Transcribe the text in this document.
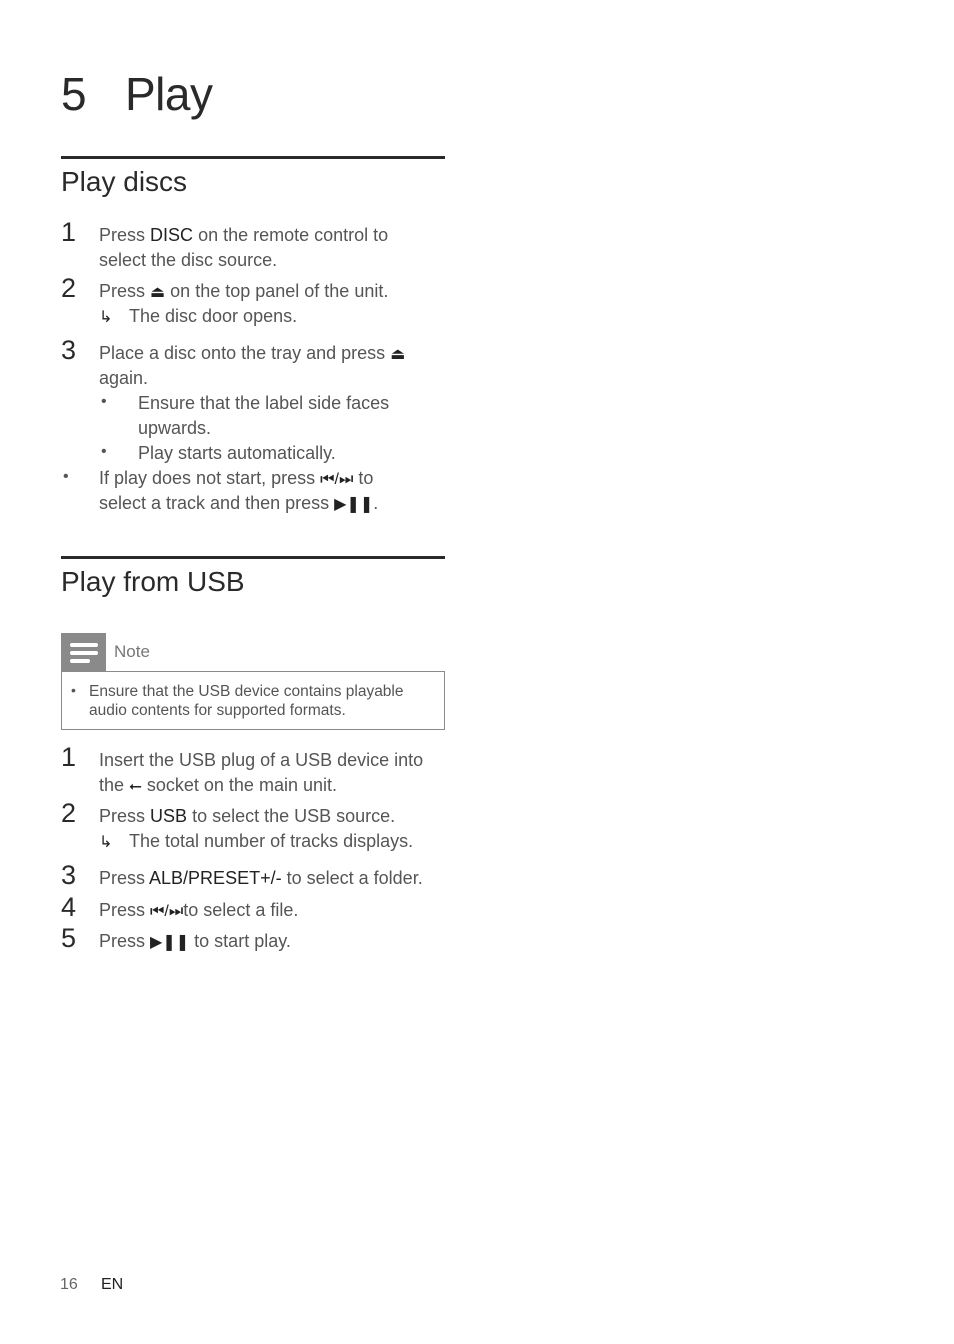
5 Play
Play discs
1 Press DISC on the remote control to
select the disc source.
2 Press ⏏ on the top panel of the unit.
↳ The disc door opens.
3 Place a disc onto the tray and press ⏏
again.
• Ensure that the label side faces
upwards.
• Play starts automatically.
• If play does not start, press ⏮/⏭ to
select a track and then press ▶❚❚.
Play from USB
Note
• Ensure that the USB device contains playable
audio contents for supported formats.
1 Insert the USB plug of a USB device into
the ⭠ socket on the main unit.
2 Press USB to select the USB source.
↳ The total number of tracks displays.
3 Press ALB/PRESET+/- to select a folder.
4 Press ⏮/⏭to select a file.
5 Press ▶❚❚ to start play.
16 EN
